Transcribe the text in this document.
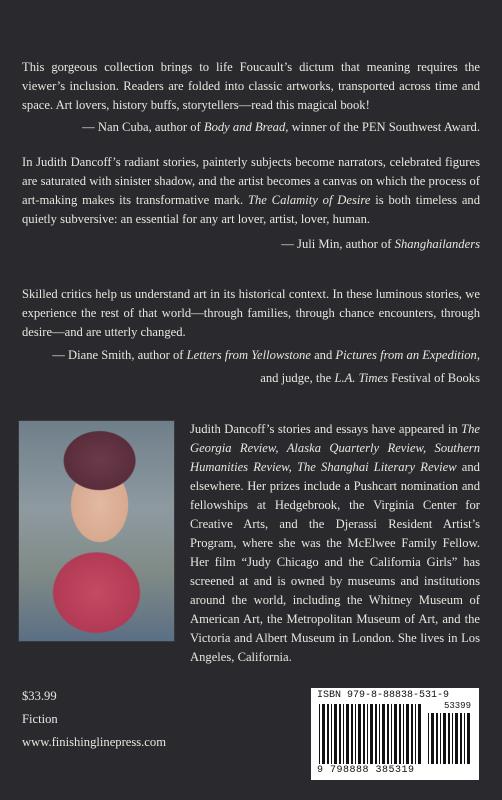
This gorgeous collection brings to life Foucault’s dictum that meaning requires the viewer’s inclusion. Readers are folded into classic artworks, transported across time and space. Art lovers, history buffs, storytellers—read this magical book!

— Nan Cuba, author of Body and Bread, winner of the PEN Southwest Award.

In Judith Dancoff’s radiant stories, painterly subjects become narrators, celebrated figures are saturated with sinister shadow, and the artist becomes a canvas on which the process of art-making makes its transformative mark. The Calamity of Desire is both timeless and quietly subversive: an essential for any art lover, artist, lover, human.

— Juli Min, author of Shanghailanders

Skilled critics help us understand art in its historical context. In these luminous stories, we experience the rest of that world—through families, through chance encounters, through desire—and are utterly changed.

— Diane Smith, author of Letters from Yellowstone and Pictures from an Expedition,
and judge, the L.A. Times Festival of Books

Judith Dancoff’s stories and essays have appeared in The Georgia Review, Alaska Quarterly Review, Southern Humanities Review, The Shanghai Literary Review and elsewhere. Her prizes include a Pushcart nomination and fellowships at Hedgebrook, the Virginia Center for Creative Arts, and the Djerassi Resident Artist’s Program, where she was the McElwee Family Fellow. Her film “Judy Chicago and the California Girls” has screened at and is owned by museums and institutions around the world, including the Whitney Museum of American Art, the Metropolitan Museum of Art, and the Victoria and Albert Museum in London. She lives in Los Angeles, California.

$33.99
Fiction
www.finishinglinepress.com
ISBN 979-8-88838-531-9
53399
9 798888 385319
